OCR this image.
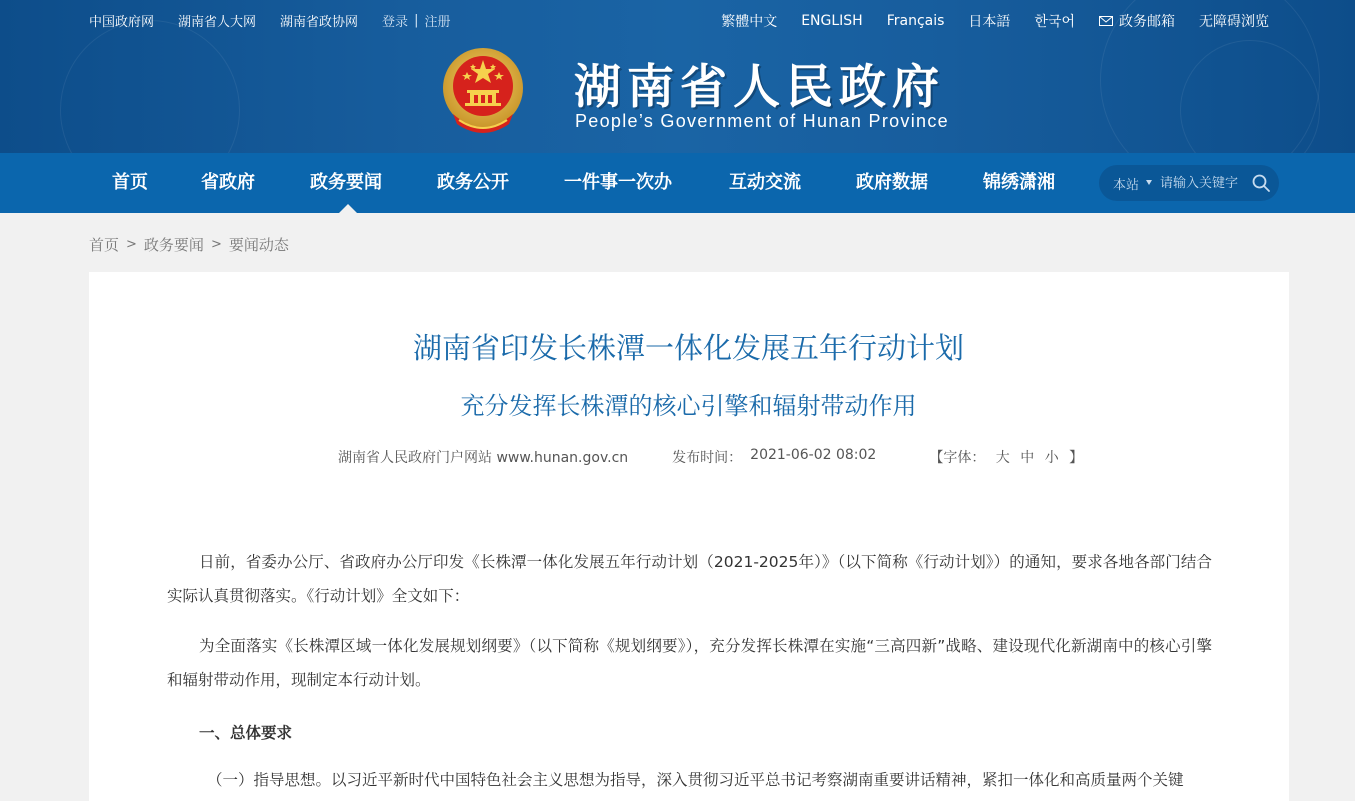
中国政府网 湖南省人大网 湖南省政协网 登录 | 注册	繁體中文 ENGLISH Français 日本語 한국어	政务邮箱 无障碍浏览
湖南省人民政府
People’s Government of Hunan Province
首页	省政府	政务要闻	政务公开	一件事一次办	互动交流	政府数据	锦绣潇湘	本站
请输入关键字
首页 > 政务要闻 > 要闻动态
湖南省印发长株潭一体化发展五年行动计划
充分发挥长株潭的核心引擎和辐射带动作用
湖南省人民政府门户网站 www.hunan.gov.cn	发布时间： 2021-06-02 08:02	【字体： 大 中 小 】

日前，省委办公厅、省政府办公厅印发《长株潭一体化发展五年行动计划（2021-2025年）》（以下简称《行动计划》）的通知，要求各地各部门结合实际认真贯彻落实。《行动计划》全文如下：

为全面落实《长株潭区域一体化发展规划纲要》（以下简称《规划纲要》），充分发挥长株潭在实施“三高四新”战略、建设现代化新湖南中的核心引擎和辐射带动作用，现制定本行动计划。

一、总体要求

（一）指导思想。以习近平新时代中国特色社会主义思想为指导，深入贯彻习近平总书记考察湖南重要讲话精神，紧扣一体化和高质量两个关键
